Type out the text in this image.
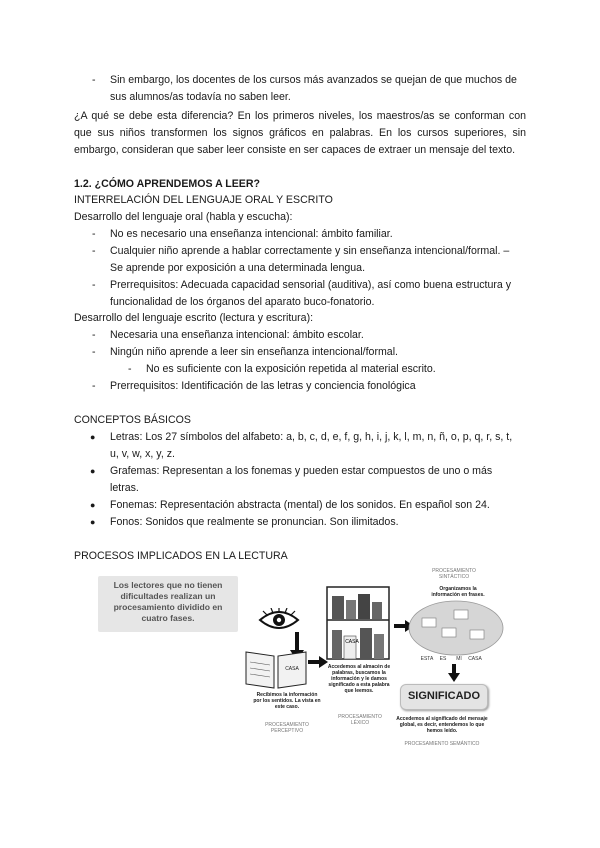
- Sin embargo, los docentes de los cursos más avanzados se quejan de que muchos de
sus alumnos/as todavía no saben leer.
¿A qué se debe esta diferencia? En los primeros niveles, los maestros/as se conforman con que sus niños transformen los signos gráficos en palabras. En los cursos superiores, sin embargo, consideran que saber leer consiste en ser capaces de extraer un mensaje del texto.
1.2. ¿CÓMO APRENDEMOS A LEER?
INTERRELACIÓN DEL LENGUAJE ORAL Y ESCRITO
Desarrollo del lenguaje oral (habla y escucha):
- No es necesario una enseñanza intencional: ámbito familiar.
- Cualquier niño aprende a hablar correctamente y sin enseñanza intencional/formal. –
Se aprende por exposición a una determinada lengua.
- Prerrequisitos: Adecuada capacidad sensorial (auditiva), así como buena estructura y
funcionalidad de los órganos del aparato buco-fonatorio.
Desarrollo del lenguaje escrito (lectura y escritura):
- Necesaria una enseñanza intencional: ámbito escolar.
- Ningún niño aprende a leer sin enseñanza intencional/formal.
- No es suficiente con la exposición repetida al material escrito.
- Prerrequisitos: Identificación de las letras y conciencia fonológica
CONCEPTOS BÁSICOS
● Letras: Los 27 símbolos del alfabeto: a, b, c, d, e, f, g, h, i, j, k, l, m, n, ñ, o, p, q, r, s, t,
u, v, w, x, y, z.
● Grafemas: Representan a los fonemas y pueden estar compuestos de uno o más
letras.
● Fonemas: Representación abstracta (mental) de los sonidos. En español son 24.
● Fonos: Sonidos que realmente se pronuncian. Son ilimitados.
PROCESOS IMPLICADOS EN LA LECTURA
Los lectores que no tienen dificultades realizan un procesamiento dividido en cuatro fases.
CASA
Recibimos la información por los sentidos. La vista en este caso.
PROCESAMIENTO PERCEPTIVO
CASA
Accedemos al almacén de palabras, buscamos la información y le damos significado a esta palabra que leemos.
PROCESAMIENTO LÉXICO
PROCESAMIENTO SINTÁCTICO
Organizamos la información en frases.
ESTA	ES	MI	CASA
SIGNIFICADO
Accedemos al significado del mensaje global, es decir, entendemos lo que hemos leído.
PROCESAMIENTO SEMÁNTICO
